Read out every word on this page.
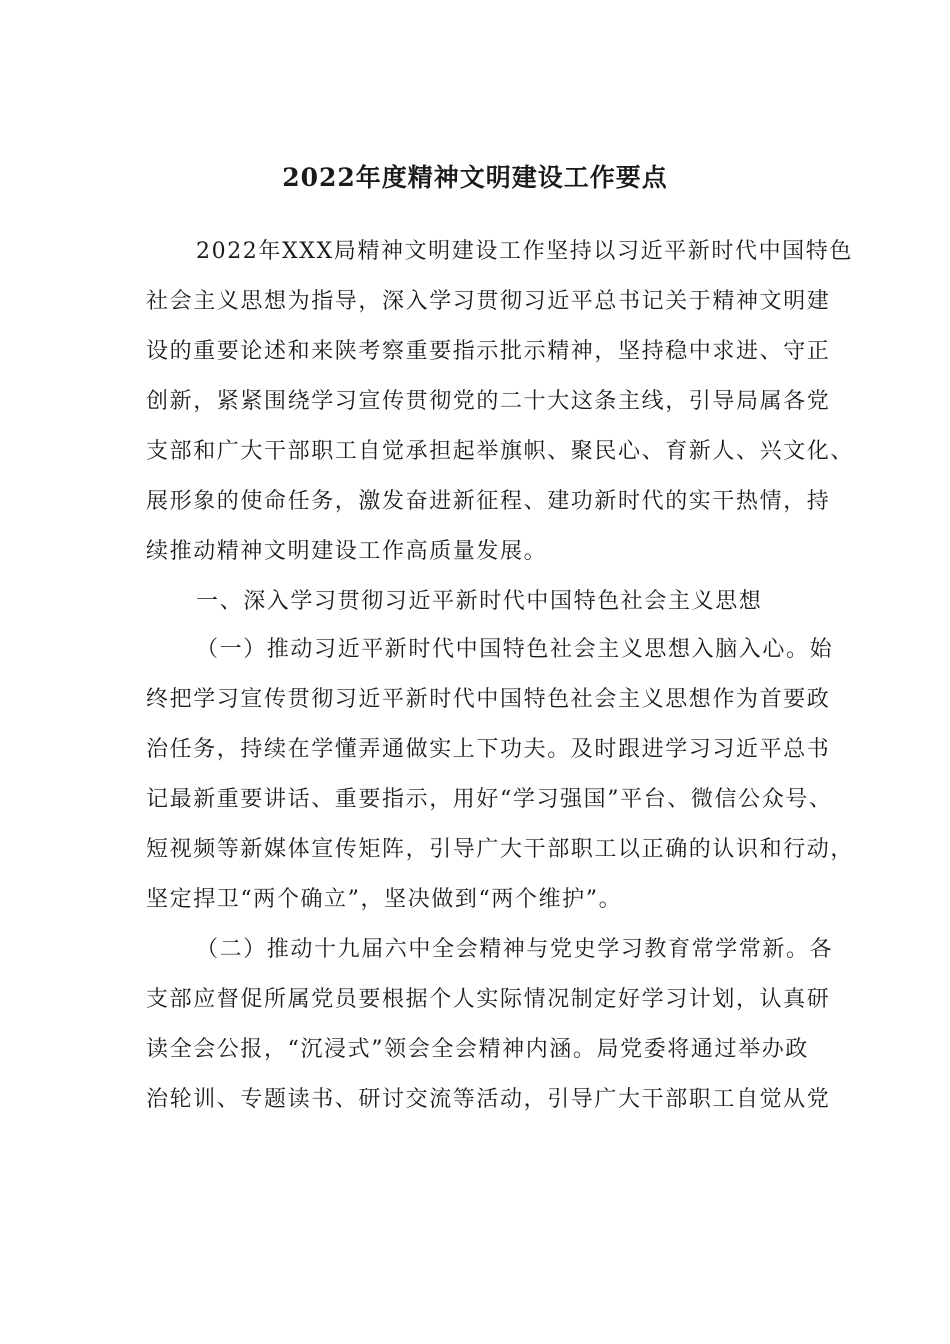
2022年度精神文明建设工作要点
2022年XXX局精神文明建设工作坚持以习近平新时代中国特色
社会主义思想为指导，深入学习贯彻习近平总书记关于精神文明建
设的重要论述和来陕考察重要指示批示精神，坚持稳中求进、守正
创新，紧紧围绕学习宣传贯彻党的二十大这条主线，引导局属各党
支部和广大干部职工自觉承担起举旗帜、聚民心、育新人、兴文化、
展形象的使命任务，激发奋进新征程、建功新时代的实干热情，持
续推动精神文明建设工作高质量发展。
一、深入学习贯彻习近平新时代中国特色社会主义思想
（一）推动习近平新时代中国特色社会主义思想入脑入心。始
终把学习宣传贯彻习近平新时代中国特色社会主义思想作为首要政
治任务，持续在学懂弄通做实上下功夫。及时跟进学习习近平总书
记最新重要讲话、重要指示，用好“学习强国”平台、微信公众号、
短视频等新媒体宣传矩阵，引导广大干部职工以正确的认识和行动，
坚定捍卫“两个确立”，坚决做到“两个维护”。
（二）推动十九届六中全会精神与党史学习教育常学常新。各
支部应督促所属党员要根据个人实际情况制定好学习计划，认真研
读全会公报，“沉浸式”领会全会精神内涵。局党委将通过举办政
治轮训、专题读书、研讨交流等活动，引导广大干部职工自觉从党
